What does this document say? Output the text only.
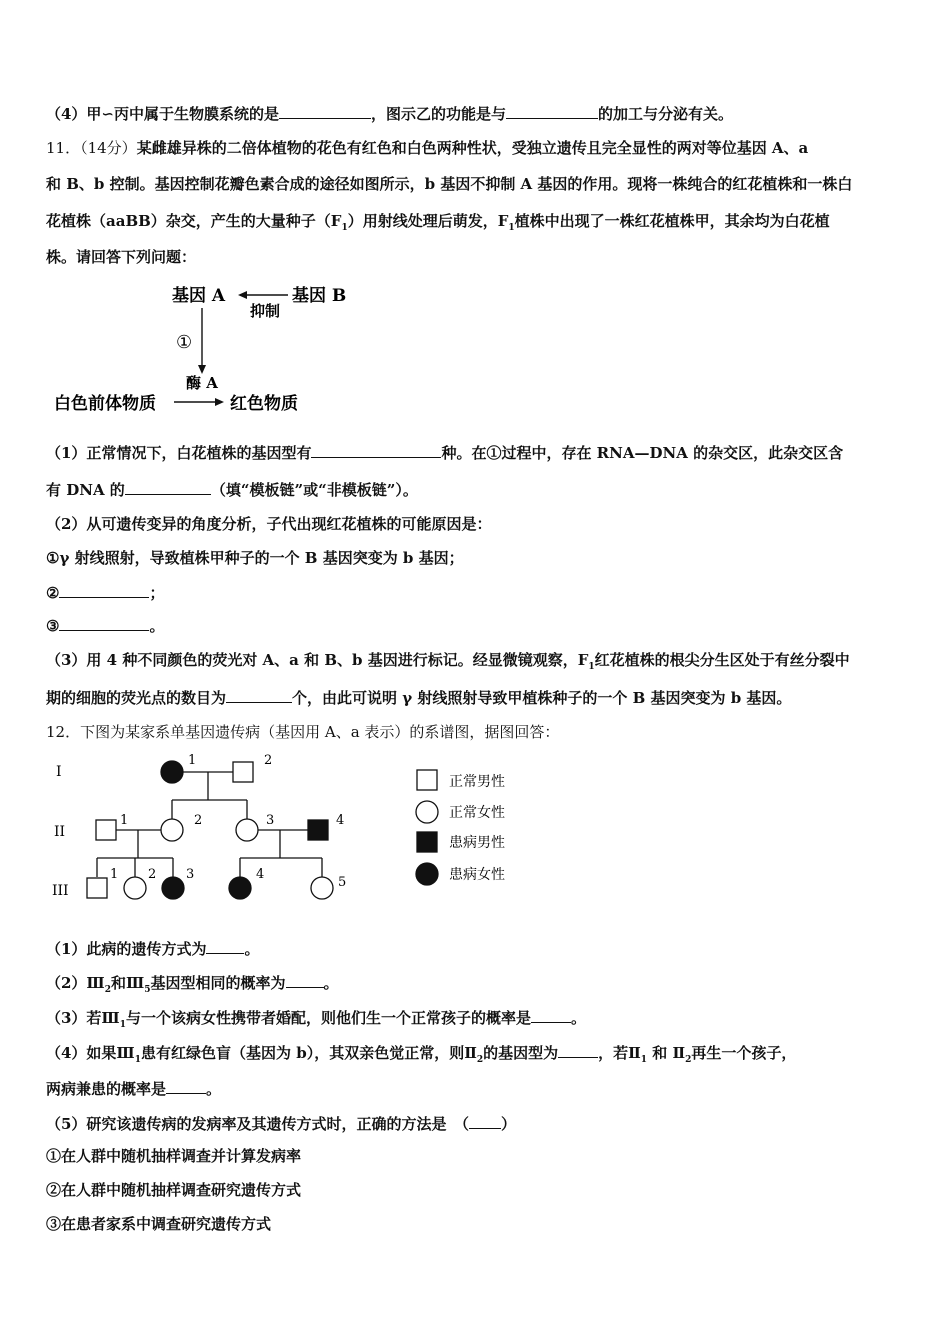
（4）甲∽丙中属于生物膜系统的是	，图示乙的功能是与	的加工与分泌有关。
11．（14分）某雌雄异株的二倍体植物的花色有红色和白色两种性状，受独立遗传且完全显性的两对等位基因 A、a
和 B、b 控制。基因控制花瓣色素合成的途径如图所示，b 基因不抑制 A 基因的作用。现将一株纯合的红花植株和一株白
花植株（aaBB）杂交，产生的大量种子$(F_1)$用射线处理后萌发，$F_1$植株中出现了一株红花植株甲，其余均为白花植
株。请回答下列问题：
基因 A	基因 B
抑制
①
酶 A
白色前体物质	红色物质
（1）正常情况下，白花植株的基因型有	种。在①过程中，存在 RNA—DNA 的杂交区，此杂交区含
有 DNA 的	（填“模板链”或“非模板链”）。
（2）从可遗传变异的角度分析，子代出现红花植株的可能原因是：
①γ 射线照射，导致植株甲种子的一个 B 基因突变为 b 基因；
②	；
③	。
（3）用 4 种不同颜色的荧光对 A、a 和 B、b 基因进行标记。经显微镜观察，$F_1$红花植株的根尖分生区处于有丝分裂中
期的细胞的荧光点的数目为	个，由此可说明 γ 射线照射导致甲植株种子的一个 B 基因突变为 b 基因。
12．下图为某家系单基因遗传病（基因用 A、a 表示）的系谱图，据图回答：
I
II
III
1	2
1	2	3	4
1 2 3	4
5
正常男性
正常女性
患病男性
患病女性
（1）此病的遗传方式为	。
$(2)Ⅲ_2$和$Ⅲ_5$基因型相同的概率为	。
（3）若$Ⅲ_1$与一个该病女性携带者婚配，则他们生一个正常孩子的概率是	。
（4）如果$Ⅲ_1$患有红绿色盲（基因为 b），其双亲色觉正常，则$Ⅱ_2$的基因型为	，若$Ⅱ_1$ 和 $Ⅱ_2$再生一个孩子，
两病兼患的概率是	。
（5）研究该遗传病的发病率及其遗传方式时，正确的方法是　（ ）
①在人群中随机抽样调查并计算发病率
②在人群中随机抽样调查研究遗传方式
③在患者家系中调查研究遗传方式
